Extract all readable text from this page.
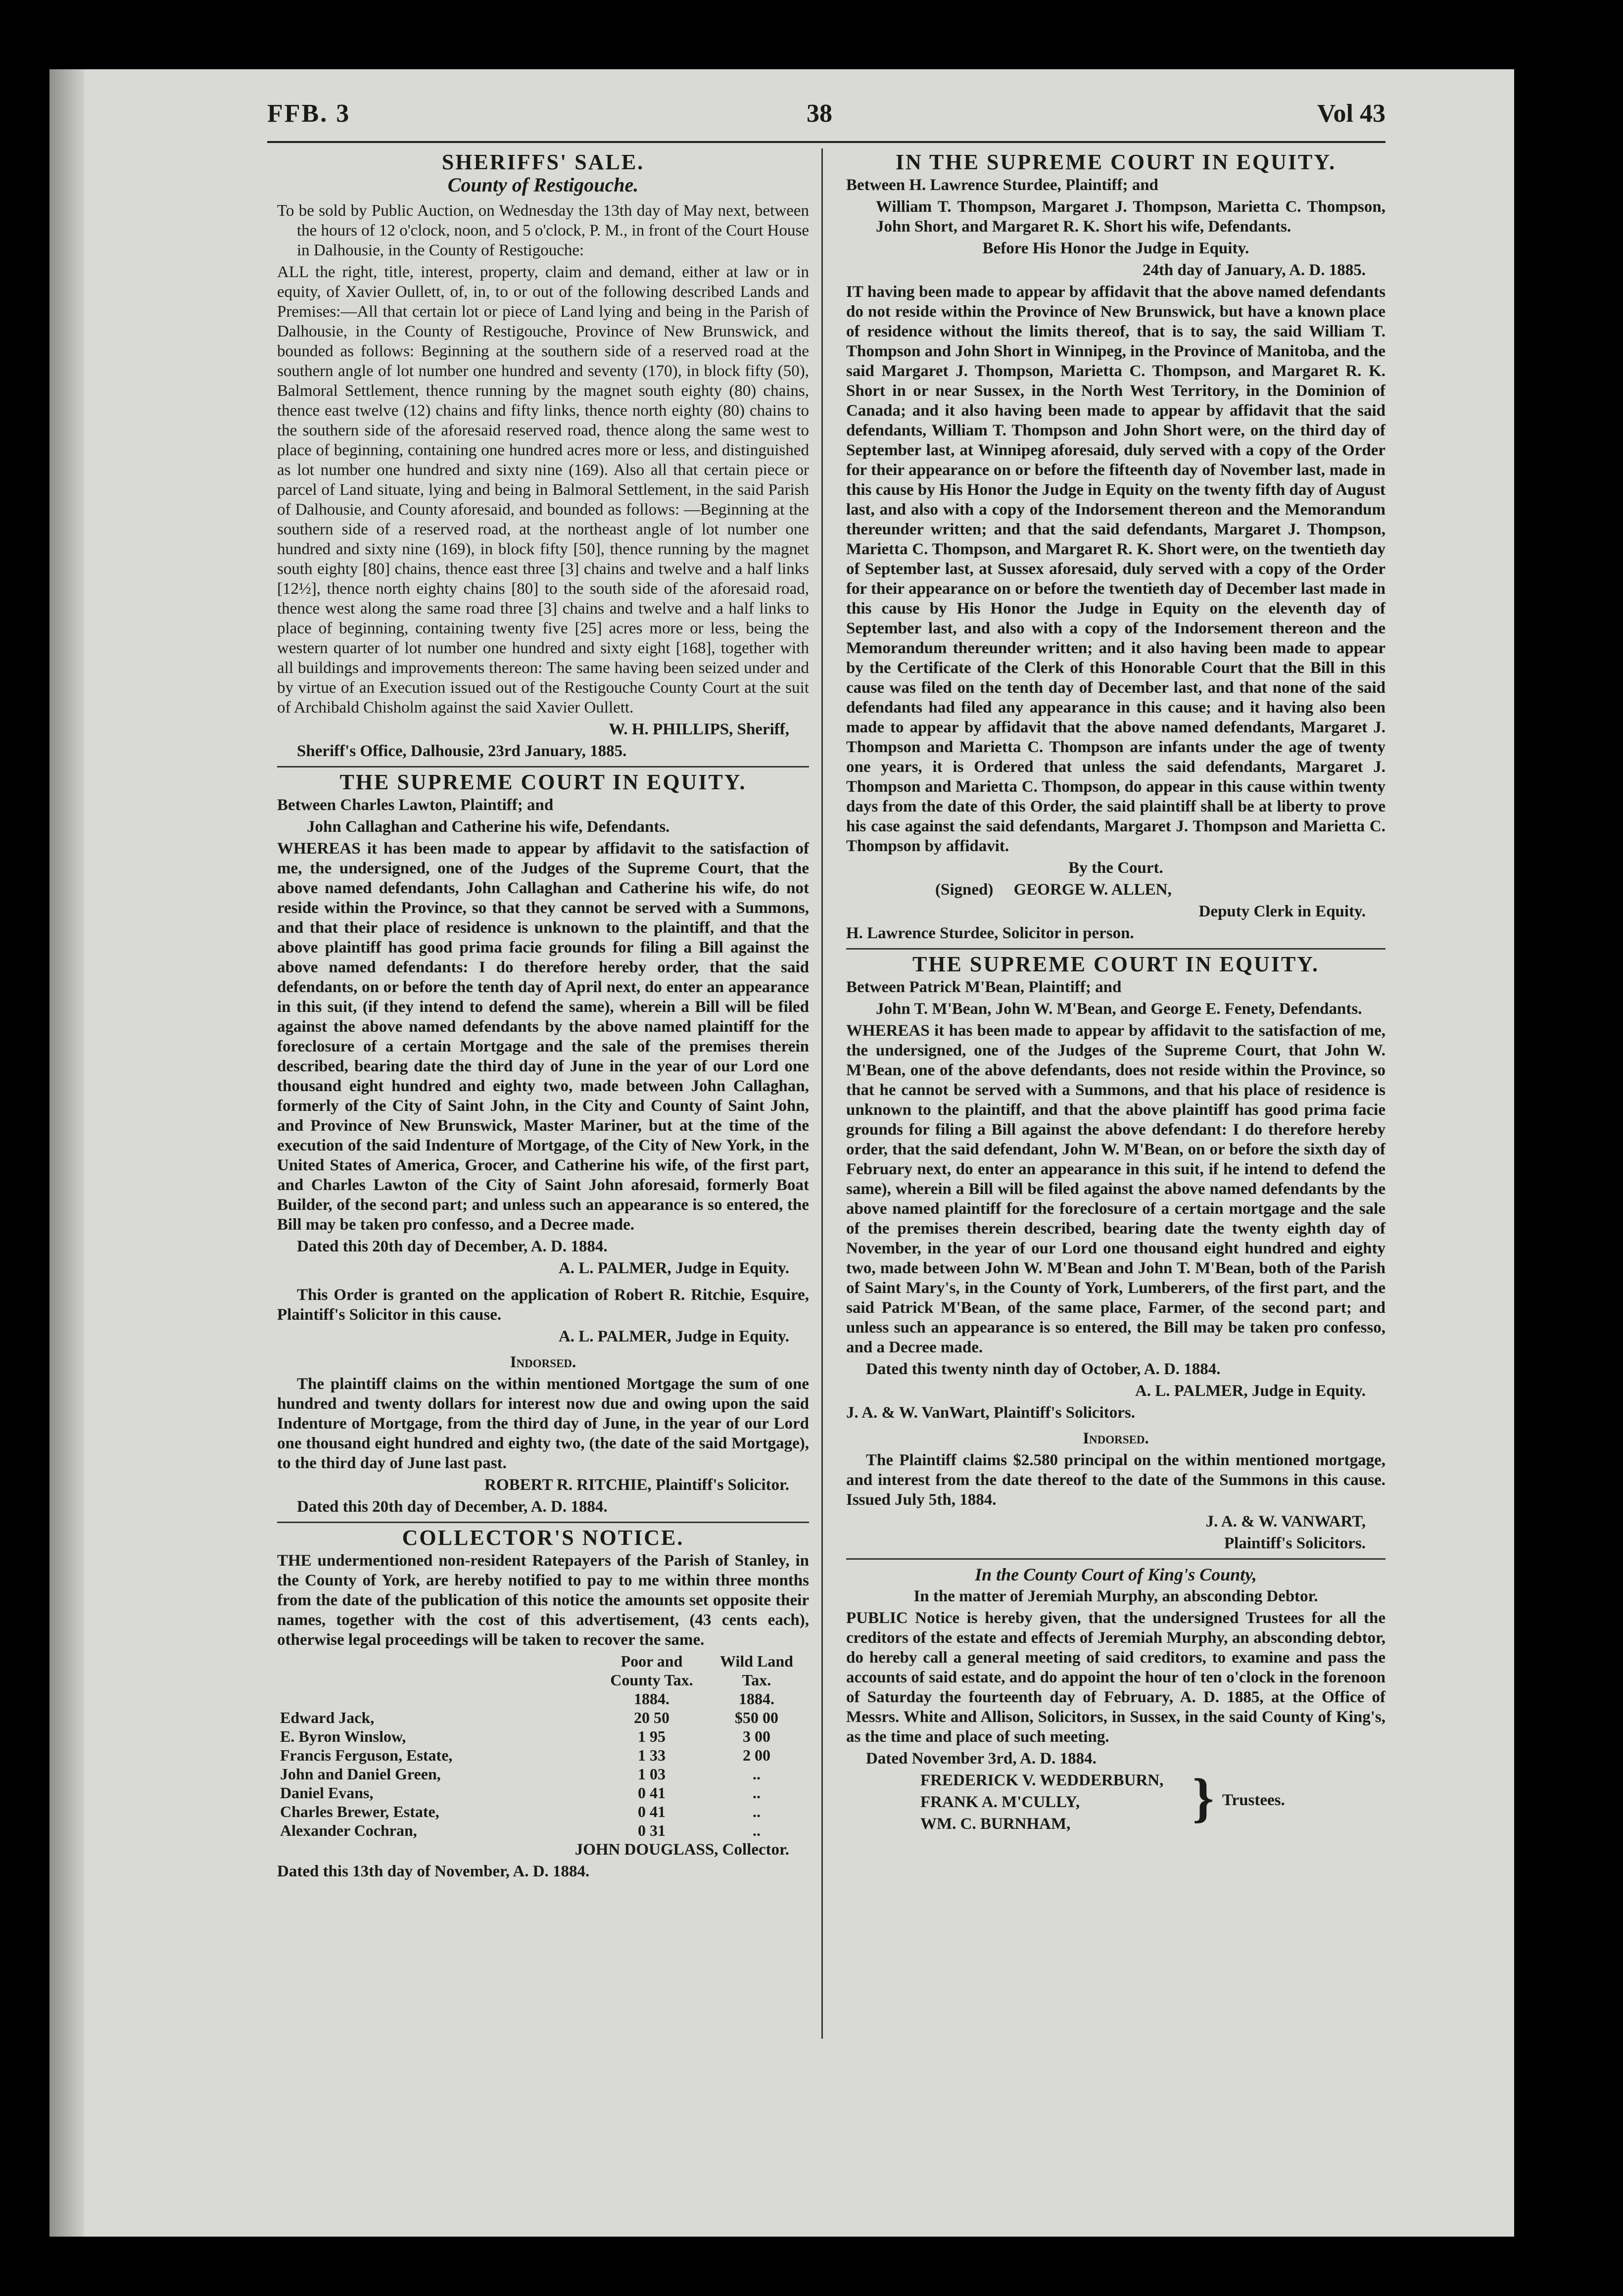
FFB. 3	38	Vol 43
SHERIFFS' SALE.
County of Restigouche.

To be sold by Public Auction, on Wednesday the 13th day of May next, between the hours of 12 o'clock, noon, and 5 o'clock, P. M., in front of the Court House in Dalhousie, in the County of Restigouche:

ALL the right, title, interest, property, claim and demand, either at law or in equity, of Xavier Oullett, of, in, to or out of the following described Lands and Premises:—All that certain lot or piece of Land lying and being in the Parish of Dalhousie, in the County of Restigouche, Province of New Brunswick, and bounded as follows: Beginning at the southern side of a reserved road at the southern angle of lot number one hundred and seventy (170), in block fifty (50), Balmoral Settlement, thence running by the magnet south eighty (80) chains, thence east twelve (12) chains and fifty links, thence north eighty (80) chains to the southern side of the aforesaid reserved road, thence along the same west to place of beginning, containing one hundred acres more or less, and distinguished as lot number one hundred and sixty nine (169). Also all that certain piece or parcel of Land situate, lying and being in Balmoral Settlement, in the said Parish of Dalhousie, and County aforesaid, and bounded as follows: —Beginning at the southern side of a reserved road, at the northeast angle of lot number one hundred and sixty nine (169), in block fifty [50], thence running by the magnet south eighty [80] chains, thence east three [3] chains and twelve and a half links [12½], thence north eighty chains [80] to the south side of the aforesaid road, thence west along the same road three [3] chains and twelve and a half links to place of beginning, containing twenty five [25] acres more or less, being the western quarter of lot number one hundred and sixty eight [168], together with all buildings and improvements thereon: The same having been seized under and by virtue of an Execution issued out of the Restigouche County Court at the suit of Archibald Chisholm against the said Xavier Oullett.

W. H. PHILLIPS, Sheriff,

Sheriff's Office, Dalhousie, 23rd January, 1885.

THE SUPREME COURT IN EQUITY.

Between Charles Lawton, Plaintiff; and

John Callaghan and Catherine his wife, Defendants.

WHEREAS it has been made to appear by affidavit to the satisfaction of me, the undersigned, one of the Judges of the Supreme Court, that the above named defendants, John Callaghan and Catherine his wife, do not reside within the Province, so that they cannot be served with a Summons, and that their place of residence is unknown to the plaintiff, and that the above plaintiff has good prima facie grounds for filing a Bill against the above named defendants: I do therefore hereby order, that the said defendants, on or before the tenth day of April next, do enter an appearance in this suit, (if they intend to defend the same), wherein a Bill will be filed against the above named defendants by the above named plaintiff for the foreclosure of a certain Mortgage and the sale of the premises therein described, bearing date the third day of June in the year of our Lord one thousand eight hundred and eighty two, made between John Callaghan, formerly of the City of Saint John, in the City and County of Saint John, and Province of New Brunswick, Master Mariner, but at the time of the execution of the said Indenture of Mortgage, of the City of New York, in the United States of America, Grocer, and Catherine his wife, of the first part, and Charles Lawton of the City of Saint John aforesaid, formerly Boat Builder, of the second part; and unless such an appearance is so entered, the Bill may be taken pro confesso, and a Decree made.

Dated this 20th day of December, A. D. 1884.

A. L. PALMER, Judge in Equity.

This Order is granted on the application of Robert R. Ritchie, Esquire, Plaintiff's Solicitor in this cause.

A. L. PALMER, Judge in Equity.

Indorsed.

The plaintiff claims on the within mentioned Mortgage the sum of one hundred and twenty dollars for interest now due and owing upon the said Indenture of Mortgage, from the third day of June, in the year of our Lord one thousand eight hundred and eighty two, (the date of the said Mortgage), to the third day of June last past.

ROBERT R. RITCHIE, Plaintiff's Solicitor.

Dated this 20th day of December, A. D. 1884.

COLLECTOR'S NOTICE.

THE undermentioned non-resident Ratepayers of the Parish of Stanley, in the County of York, are hereby notified to pay to me within three months from the date of the publication of this notice the amounts set opposite their names, together with the cost of this advertisement, (43 cents each), otherwise legal proceedings will be taken to recover the same.

	Poor and	Wild Land
	County Tax.	Tax.
	1884.	1884.
Edward Jack,	20 50	$50 00
E. Byron Winslow,	1 95	3 00
Francis Ferguson, Estate,	1 33	2 00
John and Daniel Green,	1 03	..
Daniel Evans,	0 41	..
Charles Brewer, Estate,	0 41	..
Alexander Cochran,	0 31	..

JOHN DOUGLASS, Collector.

Dated this 13th day of November, A. D. 1884.

IN THE SUPREME COURT IN EQUITY.

Between H. Lawrence Sturdee, Plaintiff; and

William T. Thompson, Margaret J. Thompson, Marietta C. Thompson, John Short, and Margaret R. K. Short his wife, Defendants.

Before His Honor the Judge in Equity.

24th day of January, A. D. 1885.

IT having been made to appear by affidavit that the above named defendants do not reside within the Province of New Brunswick, but have a known place of residence without the limits thereof, that is to say, the said William T. Thompson and John Short in Winnipeg, in the Province of Manitoba, and the said Margaret J. Thompson, Marietta C. Thompson, and Margaret R. K. Short in or near Sussex, in the North West Territory, in the Dominion of Canada; and it also having been made to appear by affidavit that the said defendants, William T. Thompson and John Short were, on the third day of September last, at Winnipeg aforesaid, duly served with a copy of the Order for their appearance on or before the fifteenth day of November last, made in this cause by His Honor the Judge in Equity on the twenty fifth day of August last, and also with a copy of the Indorsement thereon and the Memorandum thereunder written; and that the said defendants, Margaret J. Thompson, Marietta C. Thompson, and Margaret R. K. Short were, on the twentieth day of September last, at Sussex aforesaid, duly served with a copy of the Order for their appearance on or before the twentieth day of December last made in this cause by His Honor the Judge in Equity on the eleventh day of September last, and also with a copy of the Indorsement thereon and the Memorandum thereunder written; and it also having been made to appear by the Certificate of the Clerk of this Honorable Court that the Bill in this cause was filed on the tenth day of December last, and that none of the said defendants had filed any appearance in this cause; and it having also been made to appear by affidavit that the above named defendants, Margaret J. Thompson and Marietta C. Thompson are infants under the age of twenty one years, it is Ordered that unless the said defendants, Margaret J. Thompson and Marietta C. Thompson, do appear in this cause within twenty days from the date of this Order, the said plaintiff shall be at liberty to prove his case against the said defendants, Margaret J. Thompson and Marietta C. Thompson by affidavit.

By the Court.

(Signed) GEORGE W. ALLEN,

Deputy Clerk in Equity.

H. Lawrence Sturdee, Solicitor in person.

THE SUPREME COURT IN EQUITY.

Between Patrick M'Bean, Plaintiff; and

John T. M'Bean, John W. M'Bean, and George E. Fenety, Defendants.

WHEREAS it has been made to appear by affidavit to the satisfaction of me, the undersigned, one of the Judges of the Supreme Court, that John W. M'Bean, one of the above defendants, does not reside within the Province, so that he cannot be served with a Summons, and that his place of residence is unknown to the plaintiff, and that the above plaintiff has good prima facie grounds for filing a Bill against the above defendant: I do therefore hereby order, that the said defendant, John W. M'Bean, on or before the sixth day of February next, do enter an appearance in this suit, if he intend to defend the same), wherein a Bill will be filed against the above named defendants by the above named plaintiff for the foreclosure of a certain mortgage and the sale of the premises therein described, bearing date the twenty eighth day of November, in the year of our Lord one thousand eight hundred and eighty two, made between John W. M'Bean and John T. M'Bean, both of the Parish of Saint Mary's, in the County of York, Lumberers, of the first part, and the said Patrick M'Bean, of the same place, Farmer, of the second part; and unless such an appearance is so entered, the Bill may be taken pro confesso, and a Decree made.

Dated this twenty ninth day of October, A. D. 1884.

A. L. PALMER, Judge in Equity.

J. A. & W. VanWart, Plaintiff's Solicitors.

Indorsed.

The Plaintiff claims $2.580 principal on the within mentioned mortgage, and interest from the date thereof to the date of the Summons in this cause. Issued July 5th, 1884.

J. A. & W. VANWART,

Plaintiff's Solicitors.

In the County Court of King's County,

In the matter of Jeremiah Murphy, an absconding Debtor.

PUBLIC Notice is hereby given, that the undersigned Trustees for all the creditors of the estate and effects of Jeremiah Murphy, an absconding debtor, do hereby call a general meeting of said creditors, to examine and pass the accounts of said estate, and do appoint the hour of ten o'clock in the forenoon of Saturday the fourteenth day of February, A. D. 1885, at the Office of Messrs. White and Allison, Solicitors, in Sussex, in the said County of King's, as the time and place of such meeting.

Dated November 3rd, A. D. 1884.

FREDERICK V. WEDDERBURN,

FRANK A. M'CULLY,

WM. C. BURNHAM,	} Trustees.
